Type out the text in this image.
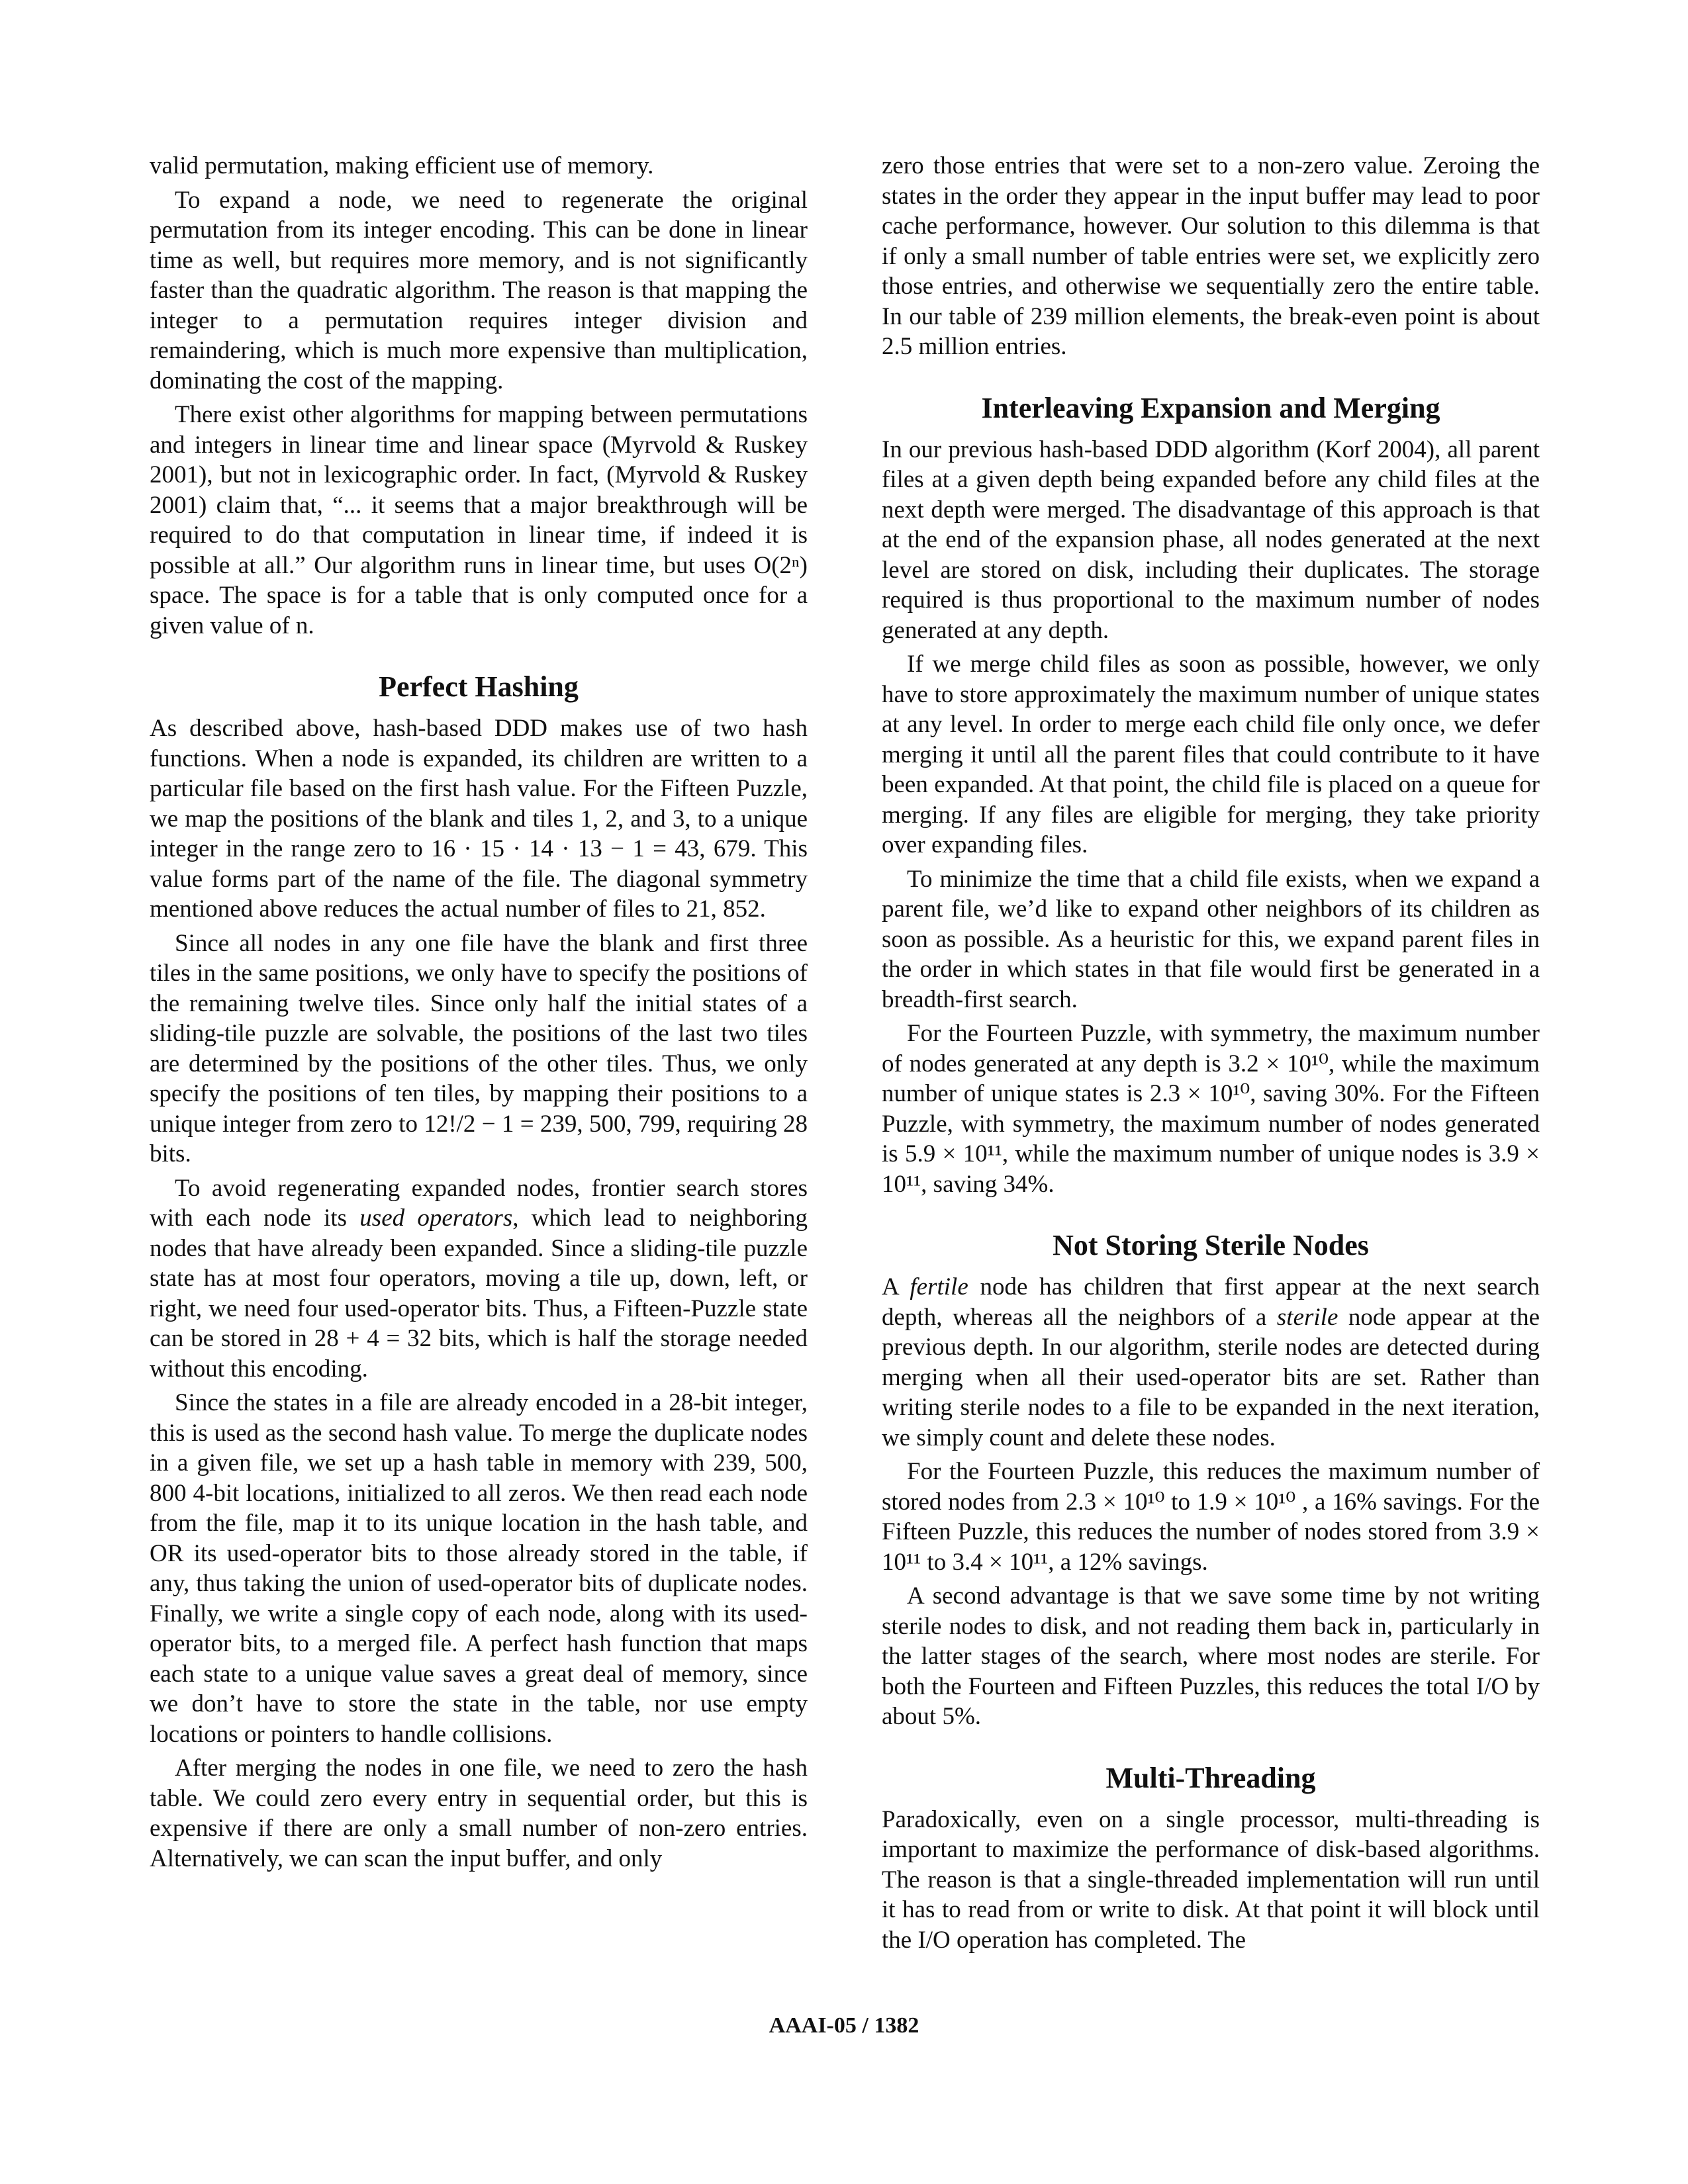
valid permutation, making efficient use of memory.

To expand a node, we need to regenerate the original permutation from its integer encoding. This can be done in linear time as well, but requires more memory, and is not significantly faster than the quadratic algorithm. The reason is that mapping the integer to a permutation requires integer division and remaindering, which is much more expensive than multiplication, dominating the cost of the mapping.

There exist other algorithms for mapping between permutations and integers in linear time and linear space (Myrvold & Ruskey 2001), but not in lexicographic order. In fact, (Myrvold & Ruskey 2001) claim that, “... it seems that a major breakthrough will be required to do that computation in linear time, if indeed it is possible at all.” Our algorithm runs in linear time, but uses O(2ⁿ) space. The space is for a table that is only computed once for a given value of n.

Perfect Hashing

As described above, hash-based DDD makes use of two hash functions. When a node is expanded, its children are written to a particular file based on the first hash value. For the Fifteen Puzzle, we map the positions of the blank and tiles 1, 2, and 3, to a unique integer in the range zero to 16 · 15 · 14 · 13 − 1 = 43, 679. This value forms part of the name of the file. The diagonal symmetry mentioned above reduces the actual number of files to 21, 852.

Since all nodes in any one file have the blank and first three tiles in the same positions, we only have to specify the positions of the remaining twelve tiles. Since only half the initial states of a sliding-tile puzzle are solvable, the positions of the last two tiles are determined by the positions of the other tiles. Thus, we only specify the positions of ten tiles, by mapping their positions to a unique integer from zero to 12!/2 − 1 = 239, 500, 799, requiring 28 bits.

To avoid regenerating expanded nodes, frontier search stores with each node its used operators, which lead to neighboring nodes that have already been expanded. Since a sliding-tile puzzle state has at most four operators, moving a tile up, down, left, or right, we need four used-operator bits. Thus, a Fifteen-Puzzle state can be stored in 28 + 4 = 32 bits, which is half the storage needed without this encoding.

Since the states in a file are already encoded in a 28-bit integer, this is used as the second hash value. To merge the duplicate nodes in a given file, we set up a hash table in memory with 239, 500, 800 4-bit locations, initialized to all zeros. We then read each node from the file, map it to its unique location in the hash table, and OR its used-operator bits to those already stored in the table, if any, thus taking the union of used-operator bits of duplicate nodes. Finally, we write a single copy of each node, along with its used-operator bits, to a merged file. A perfect hash function that maps each state to a unique value saves a great deal of memory, since we don’t have to store the state in the table, nor use empty locations or pointers to handle collisions.

After merging the nodes in one file, we need to zero the hash table. We could zero every entry in sequential order, but this is expensive if there are only a small number of non-zero entries. Alternatively, we can scan the input buffer, and only

zero those entries that were set to a non-zero value. Zeroing the states in the order they appear in the input buffer may lead to poor cache performance, however. Our solution to this dilemma is that if only a small number of table entries were set, we explicitly zero those entries, and otherwise we sequentially zero the entire table. In our table of 239 million elements, the break-even point is about 2.5 million entries.

Interleaving Expansion and Merging

In our previous hash-based DDD algorithm (Korf 2004), all parent files at a given depth being expanded before any child files at the next depth were merged. The disadvantage of this approach is that at the end of the expansion phase, all nodes generated at the next level are stored on disk, including their duplicates. The storage required is thus proportional to the maximum number of nodes generated at any depth.

If we merge child files as soon as possible, however, we only have to store approximately the maximum number of unique states at any level. In order to merge each child file only once, we defer merging it until all the parent files that could contribute to it have been expanded. At that point, the child file is placed on a queue for merging. If any files are eligible for merging, they take priority over expanding files.

To minimize the time that a child file exists, when we expand a parent file, we’d like to expand other neighbors of its children as soon as possible. As a heuristic for this, we expand parent files in the order in which states in that file would first be generated in a breadth-first search.

For the Fourteen Puzzle, with symmetry, the maximum number of nodes generated at any depth is 3.2 × 10¹⁰, while the maximum number of unique states is 2.3 × 10¹⁰, saving 30%. For the Fifteen Puzzle, with symmetry, the maximum number of nodes generated is 5.9 × 10¹¹, while the maximum number of unique nodes is 3.9 × 10¹¹, saving 34%.

Not Storing Sterile Nodes

A fertile node has children that first appear at the next search depth, whereas all the neighbors of a sterile node appear at the previous depth. In our algorithm, sterile nodes are detected during merging when all their used-operator bits are set. Rather than writing sterile nodes to a file to be expanded in the next iteration, we simply count and delete these nodes.

For the Fourteen Puzzle, this reduces the maximum number of stored nodes from 2.3 × 10¹⁰ to 1.9 × 10¹⁰ , a 16% savings. For the Fifteen Puzzle, this reduces the number of nodes stored from 3.9 × 10¹¹ to 3.4 × 10¹¹, a 12% savings.

A second advantage is that we save some time by not writing sterile nodes to disk, and not reading them back in, particularly in the latter stages of the search, where most nodes are sterile. For both the Fourteen and Fifteen Puzzles, this reduces the total I/O by about 5%.

Multi-Threading

Paradoxically, even on a single processor, multi-threading is important to maximize the performance of disk-based algorithms. The reason is that a single-threaded implementation will run until it has to read from or write to disk. At that point it will block until the I/O operation has completed. The

AAAI-05 / 1382
